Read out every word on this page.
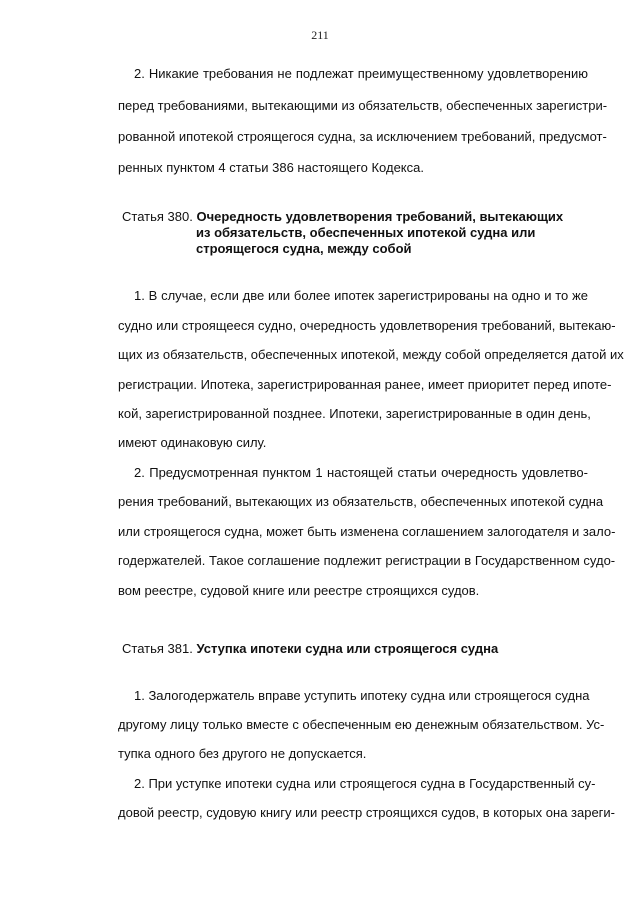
211
2. Никакие требования не подлежат преимущественному удовлетворению
перед требованиями, вытекающими из обязательств, обеспеченных зарегистри-
рованной ипотекой строящегося судна, за исключением требований, предусмот-
ренных пунктом 4 статьи 386 настоящего Кодекса.
Статья 380. Очередность удовлетворения требований, вытекающих
из обязательств, обеспеченных ипотекой судна или
строящегося судна, между собой
1. В случае, если две или более ипотек зарегистрированы на одно и то же
судно или строящееся судно, очередность удовлетворения требований, вытекаю-
щих из обязательств, обеспеченных ипотекой, между собой определяется датой их
регистрации. Ипотека, зарегистрированная ранее, имеет приоритет перед ипоте-
кой, зарегистрированной позднее. Ипотеки, зарегистрированные в один день,
имеют одинаковую силу.
2. Предусмотренная пунктом 1 настоящей статьи очередность удовлетво-
рения требований, вытекающих из обязательств, обеспеченных ипотекой судна
или строящегося судна, может быть изменена соглашением залогодателя и зало-
годержателей. Такое соглашение подлежит регистрации в Государственном судо-
вом реестре, судовой книге или реестре строящихся судов.
Статья 381. Уступка ипотеки судна или строящегося судна
1. Залогодержатель вправе уступить ипотеку судна или строящегося судна
другому лицу только вместе с обеспеченным ею денежным обязательством. Ус-
тупка одного без другого не допускается.
2. При уступке ипотеки судна или строящегося судна в Государственный су-
довой реестр, судовую книгу или реестр строящихся судов, в которых она зареги-
